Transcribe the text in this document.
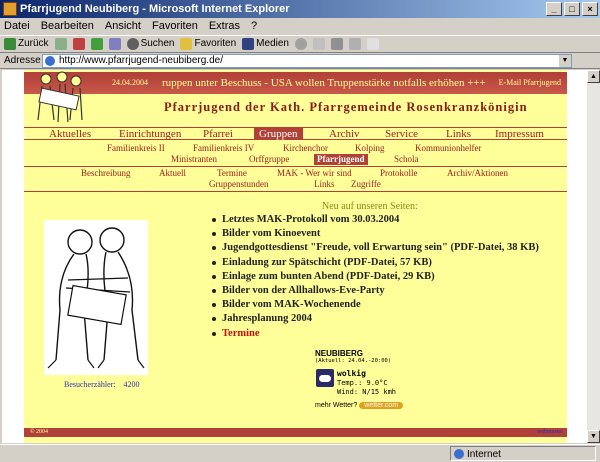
Pfarrjugend Neubiberg - Microsoft Internet Explorer	_	□	×
Datei Bearbeiten Ansicht Favoriten Extras ?
Zurück	Suchen Favoriten Medien
Adresse	http://www.pfarrjugend-neubiberg.de/	▼
24.04.2004 ruppen unter Beschuss - USA wollen Truppenstärke notfalls erhöhen +++ E-Mail Pfarrjugend
Pfarrjugend der Kath. Pfarrgemeinde Rosenkranzkönigin
Aktuelles	Einrichtungen	Pfarrei	Gruppen	Archiv	Service	Links	Impressum
Familienkreis II	Familienkreis IV	Kirchenchor	Kolping	Kommunionhelfer
Ministranten	Orffgruppe	Pfarrjugend	Schola
Beschreibung	Aktuell	Termine	MAK - Wer wir sind	Protokolle	Archiv/Aktionen
Gruppenstunden	Links	Zugriffe
Besucherzähler: 4200
Neu auf unseren Seiten:
Letztes MAK-Protokoll vom 30.03.2004
Bilder vom Kinoevent
Jugendgottesdienst "Freude, voll Erwartung sein" (PDF-Datei, 38 KB)
Einladung zur Spätschicht (PDF-Datei, 57 KB)
Einlage zum bunten Abend (PDF-Datei, 29 KB)
Bilder von der Allhallows-Eve-Party
Bilder vom MAK-Wochenende
Jahresplanung 2004
Termine
NEUBIBERG
(Aktuell: 24.04.-20:00)
wolkig
Temp.: 9.0°C
Wind: N/15 kmh
mehr Wetter? wetter.com
© 2004	webmaster
▲
▼
Internet
